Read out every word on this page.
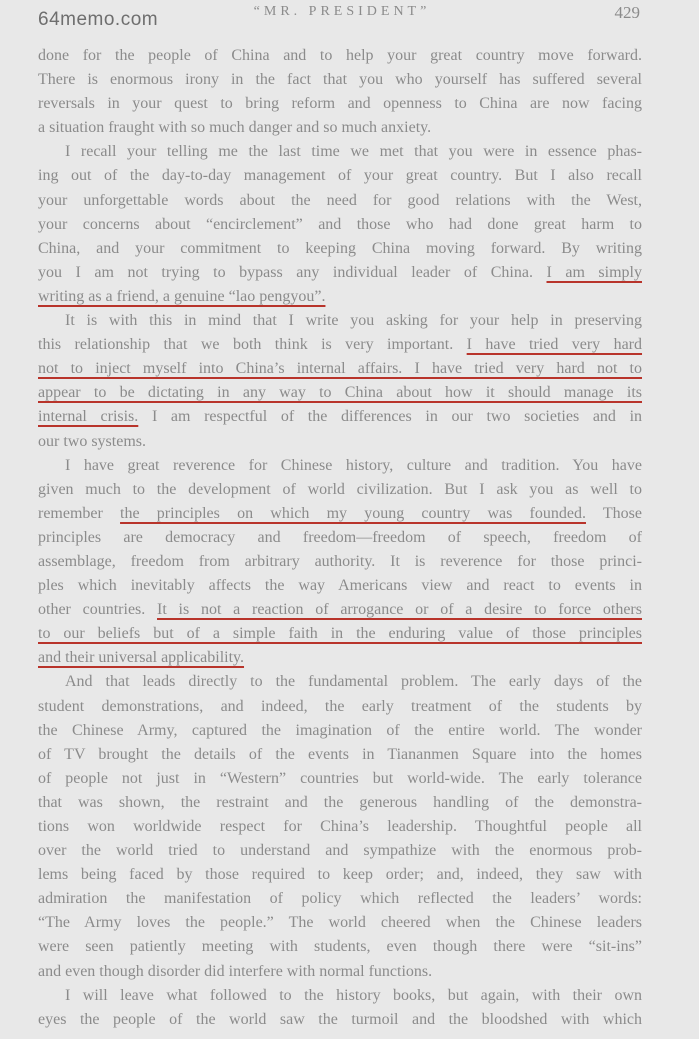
64memo.com	“MR. PRESIDENT”	429

done for the people of China and to help your great country move forward.
There is enormous irony in the fact that you who yourself has suffered several
reversals in your quest to bring reform and openness to China are now facing
a situation fraught with so much danger and so much anxiety.

I recall your telling me the last time we met that you were in essence phas-
ing out of the day-to-day management of your great country. But I also recall
your unforgettable words about the need for good relations with the West,
your concerns about “encirclement” and those who had done great harm to
China, and your commitment to keeping China moving forward. By writing
you I am not trying to bypass any individual leader of China. I am simply
writing as a friend, a genuine “lao pengyou”.

It is with this in mind that I write you asking for your help in preserving
this relationship that we both think is very important. I have tried very hard
not to inject myself into China’s internal affairs. I have tried very hard not to
appear to be dictating in any way to China about how it should manage its
internal crisis. I am respectful of the differences in our two societies and in
our two systems.

I have great reverence for Chinese history, culture and tradition. You have
given much to the development of world civilization. But I ask you as well to
remember the principles on which my young country was founded. Those
principles are democracy and freedom—freedom of speech, freedom of
assemblage, freedom from arbitrary authority. It is reverence for those princi-
ples which inevitably affects the way Americans view and react to events in
other countries. It is not a reaction of arrogance or of a desire to force others
to our beliefs but of a simple faith in the enduring value of those principles
and their universal applicability.

And that leads directly to the fundamental problem. The early days of the
student demonstrations, and indeed, the early treatment of the students by
the Chinese Army, captured the imagination of the entire world. The wonder
of TV brought the details of the events in Tiananmen Square into the homes
of people not just in “Western” countries but world-wide. The early tolerance
that was shown, the restraint and the generous handling of the demonstra-
tions won worldwide respect for China’s leadership. Thoughtful people all
over the world tried to understand and sympathize with the enormous prob-
lems being faced by those required to keep order; and, indeed, they saw with
admiration the manifestation of policy which reflected the leaders’ words:
“The Army loves the people.” The world cheered when the Chinese leaders
were seen patiently meeting with students, even though there were “sit-ins”
and even though disorder did interfere with normal functions.

I will leave what followed to the history books, but again, with their own
eyes the people of the world saw the turmoil and the bloodshed with which
